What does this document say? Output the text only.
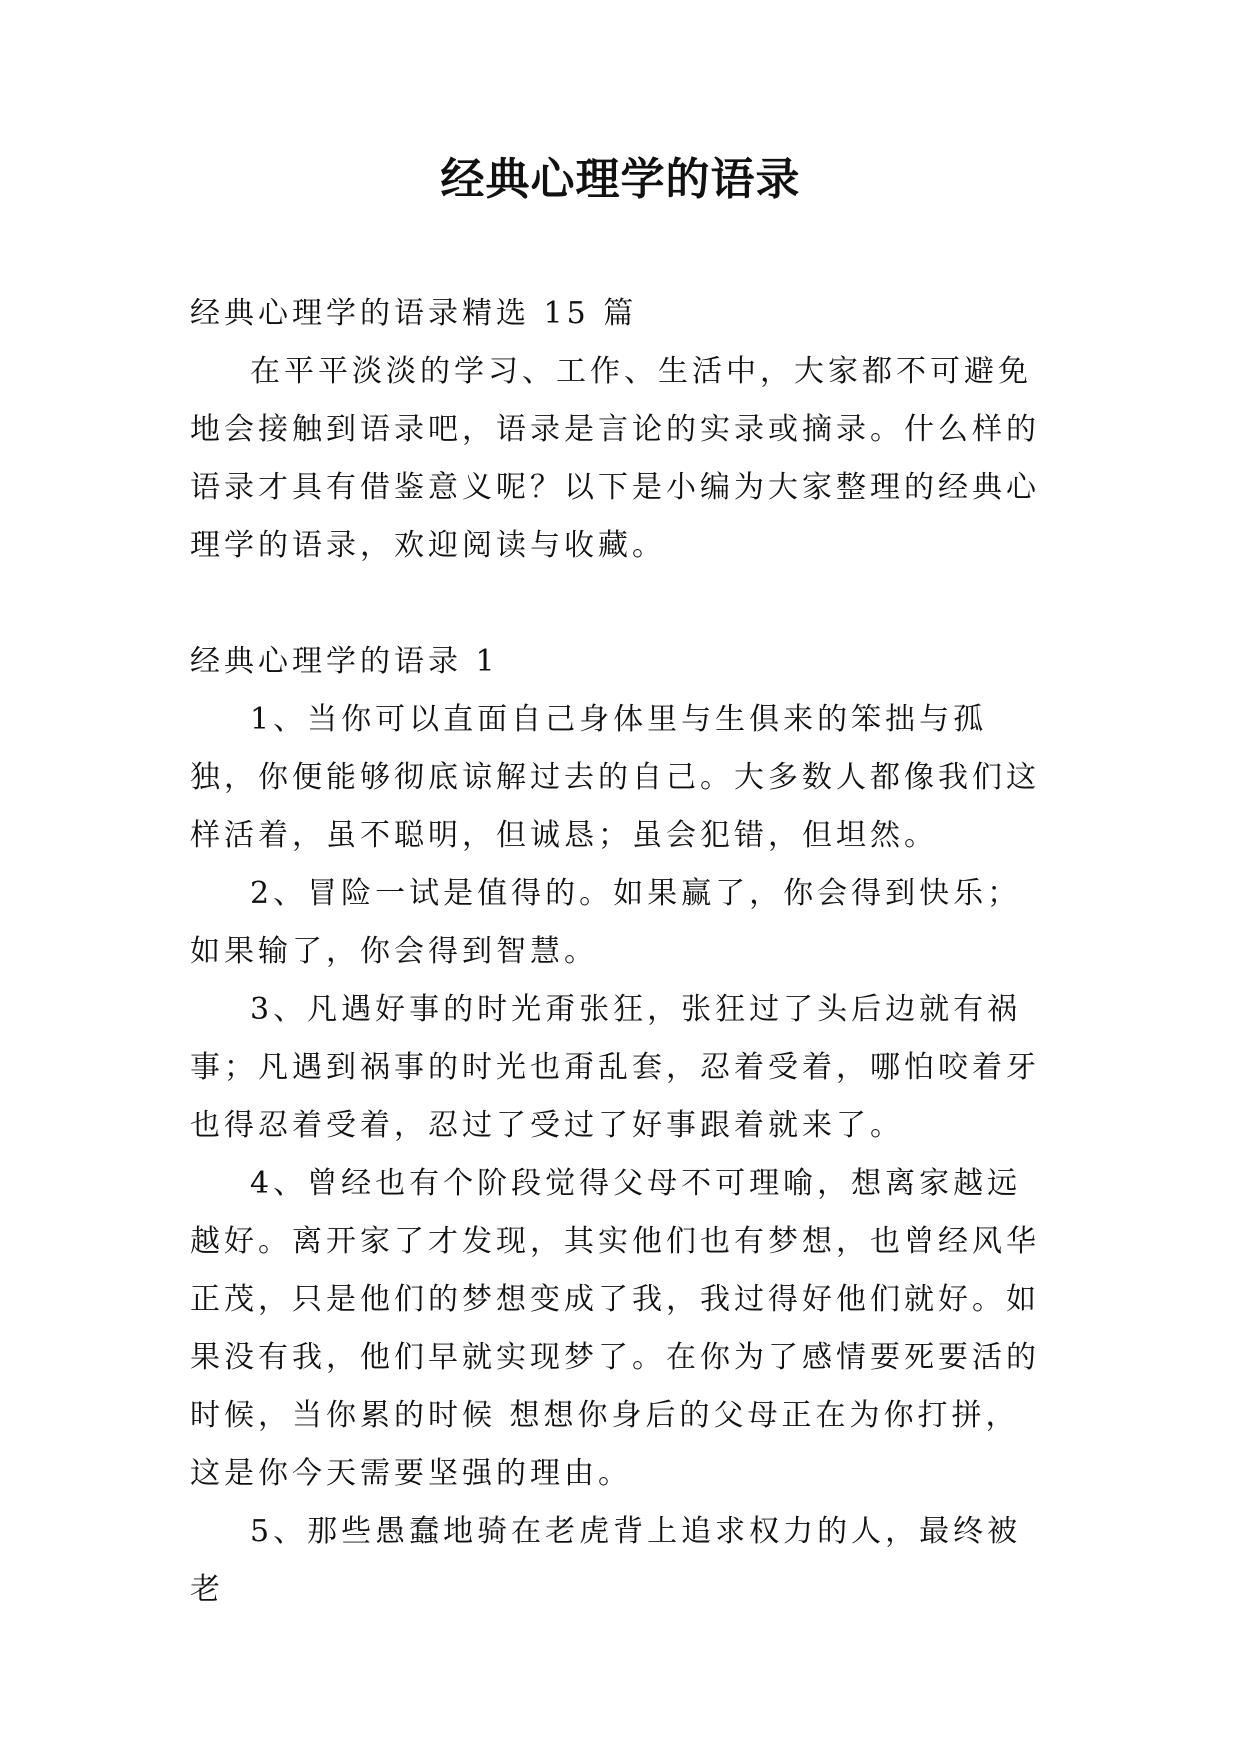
经典心理学的语录

经典心理学的语录精选 15 篇

在平平淡淡的学习、工作、生活中，大家都不可避免地会接触到语录吧，语录是言论的实录或摘录。什么样的语录才具有借鉴意义呢？以下是小编为大家整理的经典心理学的语录，欢迎阅读与收藏。

经典心理学的语录 1

1、当你可以直面自己身体里与生俱来的笨拙与孤独，你便能够彻底谅解过去的自己。大多数人都像我们这样活着，虽不聪明，但诚恳；虽会犯错，但坦然。

2、冒险一试是值得的。如果赢了，你会得到快乐；如果输了，你会得到智慧。

3、凡遇好事的时光甭张狂，张狂过了头后边就有祸事；凡遇到祸事的时光也甭乱套，忍着受着，哪怕咬着牙也得忍着受着，忍过了受过了好事跟着就来了。

4、曾经也有个阶段觉得父母不可理喻，想离家越远越好。离开家了才发现，其实他们也有梦想，也曾经风华正茂，只是他们的梦想变成了我，我过得好他们就好。如果没有我，他们早就实现梦了。在你为了感情要死要活的时候，当你累的时候 想想你身后的父母正在为你打拼，这是你今天需要坚强的理由。

5、那些愚蠢地骑在老虎背上追求权力的人，最终被老
